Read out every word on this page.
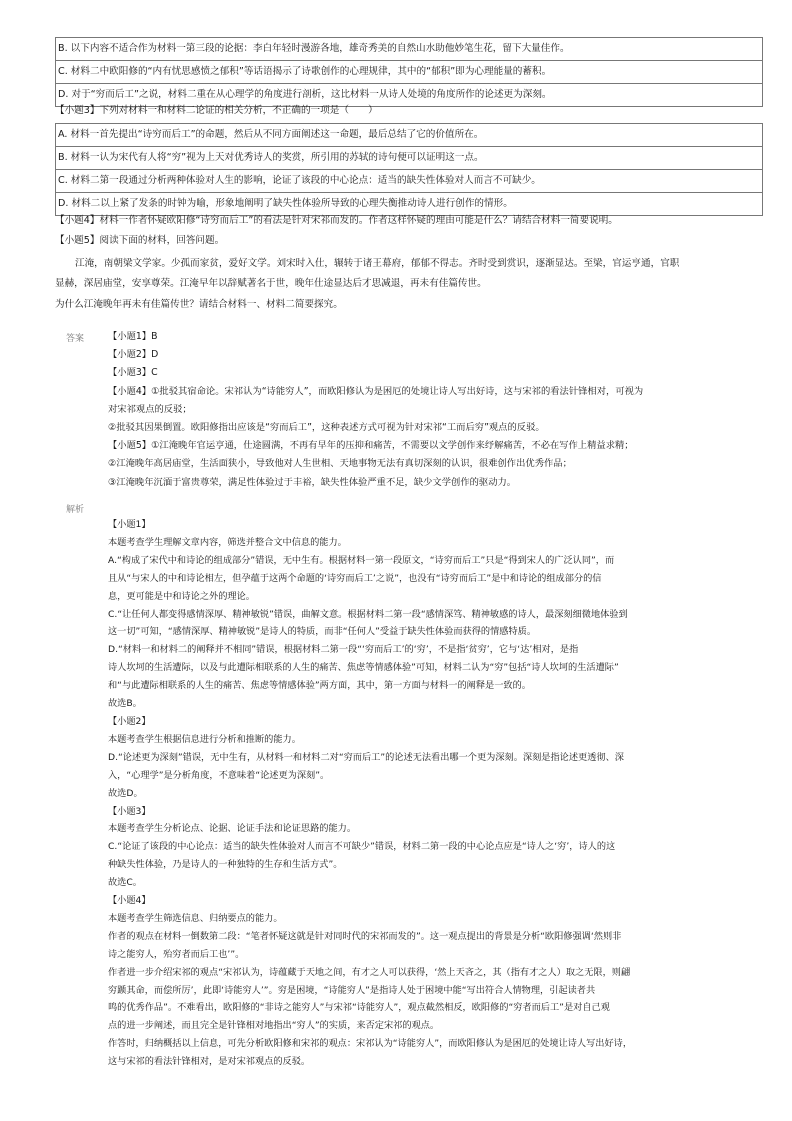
B. 以下内容不适合作为材料一第三段的论据：李白年轻时漫游各地，雄奇秀美的自然山水助他妙笔生花，留下大量佳作。
C. 材料二中欧阳修的“内有忧思感愤之郁积”等话语揭示了诗歌创作的心理规律，其中的“郁积”即为心理能量的蓄积。
D. 对于“穷而后工”之说，材料二重在从心理学的角度进行剖析，这比材料一从诗人处境的角度所作的论述更为深刻。
【小题3】下列对材料一和材料二论证的相关分析，不正确的一项是（　　）
A. 材料一首先提出“诗穷而后工”的命题，然后从不同方面阐述这一命题，最后总结了它的价值所在。
B. 材料一认为宋代有人将“穷”视为上天对优秀诗人的奖赏，所引用的苏轼的诗句便可以证明这一点。
C. 材料二第一段通过分析两种体验对人生的影响，论证了该段的中心论点：适当的缺失性体验对人而言不可缺少。
D. 材料二以上紧了发条的时钟为喻，形象地阐明了缺失性体验所导致的心理失衡推动诗人进行创作的情形。
【小题4】材料一作者怀疑欧阳修“诗穷而后工”的看法是针对宋祁而发的。作者这样怀疑的理由可能是什么？请结合材料一简要说明。
【小题5】阅读下面的材料，回答问题。
江淹，南朝梁文学家。少孤而家贫，爱好文学。刘宋时入仕，辗转于诸王幕府，郁郁不得志。齐时受到赏识，逐渐显达。至梁，官运亨通，官职
显赫，深居庙堂，安享尊荣。江淹早年以辞赋著名于世，晚年仕途显达后才思减退，再未有佳篇传世。
为什么江淹晚年再未有佳篇传世？请结合材料一、材料二简要探究。
答案	【小题1】B

【小题2】D

【小题3】C

【小题4】①批驳其宿命论。宋祁认为“诗能穷人”，而欧阳修认为是困厄的处境让诗人写出好诗，这与宋祁的看法针锋相对，可视为

对宋祁观点的反驳；

②批驳其因果倒置。欧阳修指出应该是“穷而后工”，这种表述方式可视为针对宋祁“工而后穷”观点的反驳。

【小题5】①江淹晚年官运亨通，仕途圆满，不再有早年的压抑和痛苦，不需要以文学创作来纾解痛苦，不必在写作上精益求精；

②江淹晚年高居庙堂，生活面狭小，导致他对人生世相、天地事物无法有真切深刻的认识，很难创作出优秀作品；

③江淹晚年沉湎于富贵尊荣，满足性体验过于丰裕，缺失性体验严重不足，缺少文学创作的驱动力。

解析

【小题1】

本题考查学生理解文章内容，筛选并整合文中信息的能力。

A.“构成了宋代中和诗论的组成部分”错误，无中生有。根据材料一第一段原文，“诗穷而后工”只是“得到宋人的广泛认同”，而

且从“与宋人的中和诗论相左，但孕蕴于这两个命题的‘诗穷而后工’之说”，也没有“诗穷而后工”是中和诗论的组成部分的信

息，更可能是中和诗论之外的理论。

C.“让任何人都变得感情深厚、精神敏锐”错误，曲解文意。根据材料二第一段“感情深笃、精神敏感的诗人，最深刻细微地体验到

这一切”可知，“感情深厚、精神敏锐”是诗人的特质，而非“任何人”受益于缺失性体验而获得的情感特质。

D.“材料一和材料二的阐释并不相同”错误，根据材料二第一段“‘穷而后工’的‘穷’，不是指‘贫穷’，它与‘达’相对，是指

诗人坎坷的生活遭际，以及与此遭际相联系的人生的痛苦、焦虑等情感体验”可知，材料二认为“穷”包括“诗人坎坷的生活遭际”

和“与此遭际相联系的人生的痛苦、焦虑等情感体验”两方面，其中，第一方面与材料一的阐释是一致的。

故选B。

【小题2】

本题考查学生根据信息进行分析和推断的能力。

D.“论述更为深刻”错误，无中生有，从材料一和材料二对“穷而后工”的论述无法看出哪一个更为深刻。深刻是指论述更透彻、深

入，“心理学”是分析角度，不意味着“论述更为深刻”。

故选D。

【小题3】

本题考查学生分析论点、论据、论证手法和论证思路的能力。

C.“论证了该段的中心论点：适当的缺失性体验对人而言不可缺少”错误，材料二第一段的中心论点应是“诗人之‘穷’，诗人的这

种缺失性体验，乃是诗人的一种独特的生存和生活方式”。

故选C。

【小题4】

本题考查学生筛选信息、归纳要点的能力。

作者的观点在材料一倒数第二段：“笔者怀疑这就是针对同时代的宋祁而发的”。这一观点提出的背景是分析“欧阳修强调‘然则非

诗之能穷人，殆穷者而后工也’”。

作者进一步介绍宋祁的观点“宋祁认为，诗蕴藏于天地之间，有才之人可以获得，‘然上天吝之，其（指有才之人）取之无限，则翩

穷踬其命，而偿所厉’，此即‘诗能穷人’”。穷是困境，“诗能穷人”是指诗人处于困境中能“写出符合人情物理，引起读者共

鸣的优秀作品”。不难看出，欧阳修的“非诗之能穷人”与宋祁“诗能穷人”，观点截然相反，欧阳修的“穷者而后工”是对自己观

点的进一步阐述，而且完全是针锋相对地指出“穷人”的实质，来否定宋祁的观点。

作答时，归纳概括以上信息，可先分析欧阳修和宋祁的观点：宋祁认为“诗能穷人”，而欧阳修认为是困厄的处境让诗人写出好诗，

这与宋祁的看法针锋相对，是对宋祁观点的反驳。
